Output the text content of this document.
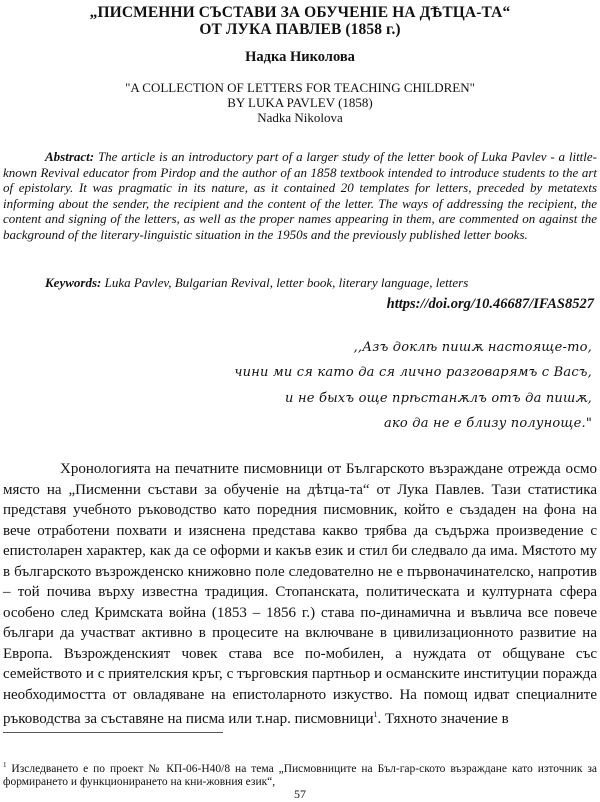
„ПИСМЕННИ СЪСТАВИ ЗА ОБУЧЕНІЕ НА ДѢТЦА-ТА“
ОТ ЛУКА ПАВЛЕВ (1858 г.)
Надка Николова
"A COLLECTION OF LETTERS FOR TEACHING CHILDREN"
BY LUKA PAVLEV (1858)
Nadka Nikolova
Abstract: The article is an introductory part of a larger study of the letter book of Luka Pavlev - a little-known Revival educator from Pirdop and the author of an 1858 textbook intended to introduce students to the art of epistolary. It was pragmatic in its nature, as it contained 20 templates for letters, preceded by metatexts informing about the sender, the recipient and the content of the letter. The ways of addressing the recipient, the content and signing of the letters, as well as the proper names appearing in them, are commented on against the background of the literary-linguistic situation in the 1950s and the previously published letter books.
Keywords: Luka Pavlev, Bulgarian Revival, letter book, literary language, letters
https://doi.org/10.46687/IFAS8527
,,Азъ доклѣ пишѫ настояще-то,
чини ми ся като да ся лично разговарямъ с Васъ,
и не быхъ още прѣстанѫлъ отъ да пишѫ,
ако да не е близу полуноще."
Хронологията на печатните писмовници от Българското възраждане отрежда осмо място на „Писменни състави за обученіе на дѣтца-та“ от Лука Павлев. Тази статистика представя учебното ръководство като поредния писмовник, който е създаден на фона на вече отработени похвати и изяснена представа какво трябва да съдържа произведение с епистоларен характер, как да се оформи и какъв език и стил би следвало да има. Мястото му в българското възрожденско книжовно поле следователно не е първоначинателско, напротив – той почива върху известна традиция. Стопанската, политическата и културната сфера особено след Кримската война (1853 – 1856 г.) става по-динамична и въвлича все повече българи да участват активно в процесите на включване в цивилизационното развитие на Европа. Възрожденският човек става все по-мобилен, а нуждата от общуване със семейството и с приятелския кръг, с търговския партньор и османските институции поражда необходимостта от овладяване на епистоларното изкуство. На помощ идват специалните ръководства за съставяне на писма или т.нар. писмовници$^1$. Тяхното значение в
$^1$ Изследването е по проект № КП-06-Н40/8 на тема „Писмовниците на Бъл-гар-ското възраждане като източник за формирането и функционирането на кни-жовния език“,
57
